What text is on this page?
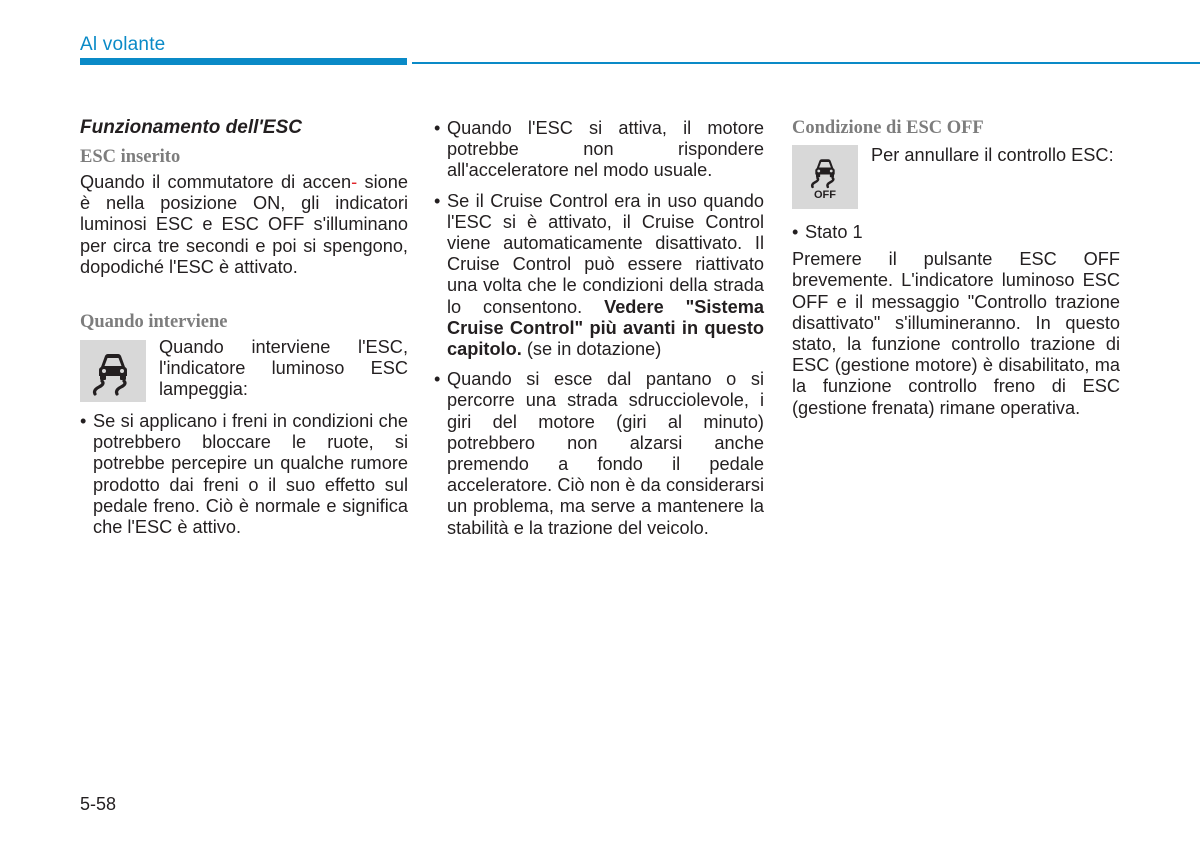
Al volante
Funzionamento dell'ESC
ESC inserito

Quando il commutatore di accen- sione è nella posizione ON, gli indicatori luminosi ESC e ESC OFF s'illuminano per circa tre secondi e poi si spengono, dopodiché l'ESC è attivato.

Quando interviene
Quando interviene l'ESC, l'indicatore luminoso ESC lampeggia:
• Se si applicano i freni in condizioni che potrebbero bloccare le ruote, si potrebbe percepire un qualche rumore prodotto dai freni o il suo effetto sul pedale freno. Ciò è normale e significa che l'ESC è attivo.
• Quando l'ESC si attiva, il motore potrebbe non rispondere all'acceleratore nel modo usuale.
• Se il Cruise Control era in uso quando l'ESC si è attivato, il Cruise Control viene automaticamente disattivato. Il Cruise Control può essere riattivato una volta che le condizioni della strada lo consentono. Vedere "Sistema Cruise Control" più avanti in questo capitolo. (se in dotazione)
• Quando si esce dal pantano o si percorre una strada sdrucciolevole, i giri del motore (giri al minuto) potrebbero non alzarsi anche premendo a fondo il pedale acceleratore. Ciò non è da considerarsi un problema, ma serve a mantenere la stabilità e la trazione del veicolo.
Condizione di ESC OFF
OFF
Per annullare il controllo ESC:
• Stato 1

Premere il pulsante ESC OFF brevemente. L'indicatore luminoso ESC OFF e il messaggio "Controllo trazione disattivato" s'illumineranno. In questo stato, la funzione controllo trazione di ESC (gestione motore) è disabilitato, ma la funzione controllo freno di ESC (gestione frenata) rimane operativa.

5-58
